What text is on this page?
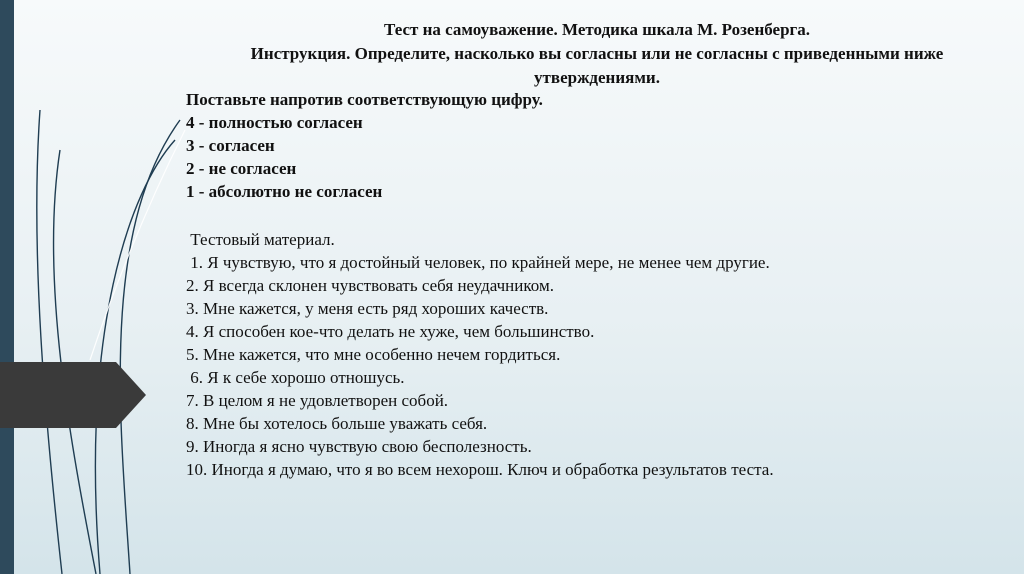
Тест на самоуважение. Методика шкала М. Розенберга.
Инструкция. Определите, насколько вы согласны или не согласны с приведенными ниже
утверждениями.
Поставьте напротив соответствующую цифру.
4 - полностью согласен
3 - согласен
2 - не согласен
1 - абсолютно не согласен
Тестовый материал.
1. Я чувствую, что я достойный человек, по крайней мере, не менее чем другие.
2. Я всегда склонен чувствовать себя неудачником.
3. Мне кажется, у меня есть ряд хороших качеств.
4. Я способен кое-что делать не хуже, чем большинство.
5. Мне кажется, что мне особенно нечем гордиться.
6. Я к себе хорошо отношусь.
7. В целом я не удовлетворен собой.
8. Мне бы хотелось больше уважать себя.
9. Иногда я ясно чувствую свою бесполезность.
10. Иногда я думаю, что я во всем нехорош. Ключ и обработка результатов теста.
